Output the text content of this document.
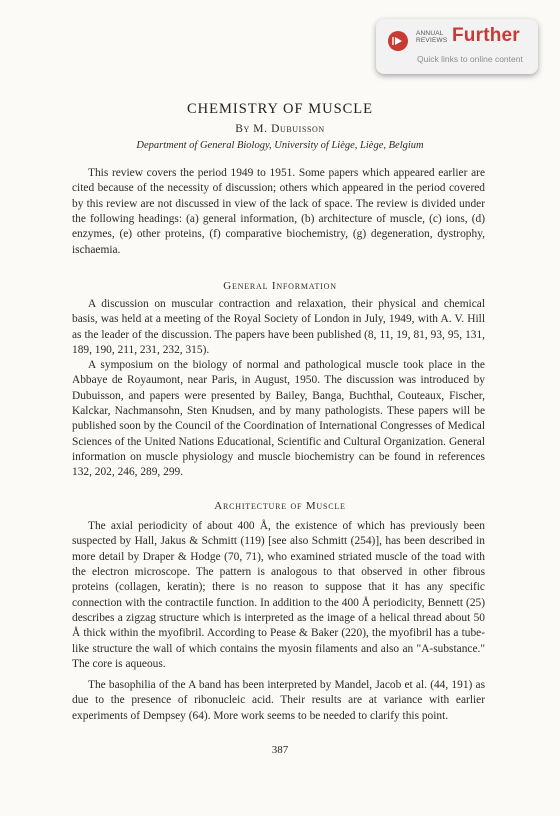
ANNUAL
REVIEWS Further
Quick links to online content
CHEMISTRY OF MUSCLE
By M. Dubuisson
Department of General Biology, University of Liège, Liège, Belgium

This review covers the period 1949 to 1951. Some papers which appeared earlier are cited because of the necessity of discussion; others which appeared in the period covered by this review are not discussed in view of the lack of space. The review is divided under the following headings: (a) general information, (b) architecture of muscle, (c) ions, (d) enzymes, (e) other proteins, (f) comparative biochemistry, (g) degeneration, dystrophy, ischaemia.

General Information

A discussion on muscular contraction and relaxation, their physical and chemical basis, was held at a meeting of the Royal Society of London in July, 1949, with A. V. Hill as the leader of the discussion. The papers have been published (8, 11, 19, 81, 93, 95, 131, 189, 190, 211, 231, 232, 315).

A symposium on the biology of normal and pathological muscle took place in the Abbaye de Royaumont, near Paris, in August, 1950. The discussion was introduced by Dubuisson, and papers were presented by Bailey, Banga, Buchthal, Couteaux, Fischer, Kalckar, Nachmansohn, Sten Knudsen, and by many pathologists. These papers will be published soon by the Council of the Coordination of International Congresses of Medical Sciences of the United Nations Educational, Scientific and Cultural Organization. General information on muscle physiology and muscle biochemistry can be found in references 132, 202, 246, 289, 299.

Architecture of Muscle

The axial periodicity of about 400 Å, the existence of which has previously been suspected by Hall, Jakus & Schmitt (119) [see also Schmitt (254)], has been described in more detail by Draper & Hodge (70, 71), who examined striated muscle of the toad with the electron microscope. The pattern is analogous to that observed in other fibrous proteins (collagen, keratin); there is no reason to suppose that it has any specific connection with the contractile function. In addition to the 400 Å periodicity, Bennett (25) describes a zigzag structure which is interpreted as the image of a helical thread about 50 Å thick within the myofibril. According to Pease & Baker (220), the myofibril has a tube-like structure the wall of which contains the myosin filaments and also an "A-substance." The core is aqueous.

The basophilia of the A band has been interpreted by Mandel, Jacob et al. (44, 191) as due to the presence of ribonucleic acid. Their results are at variance with earlier experiments of Dempsey (64). More work seems to be needed to clarify this point.

387
